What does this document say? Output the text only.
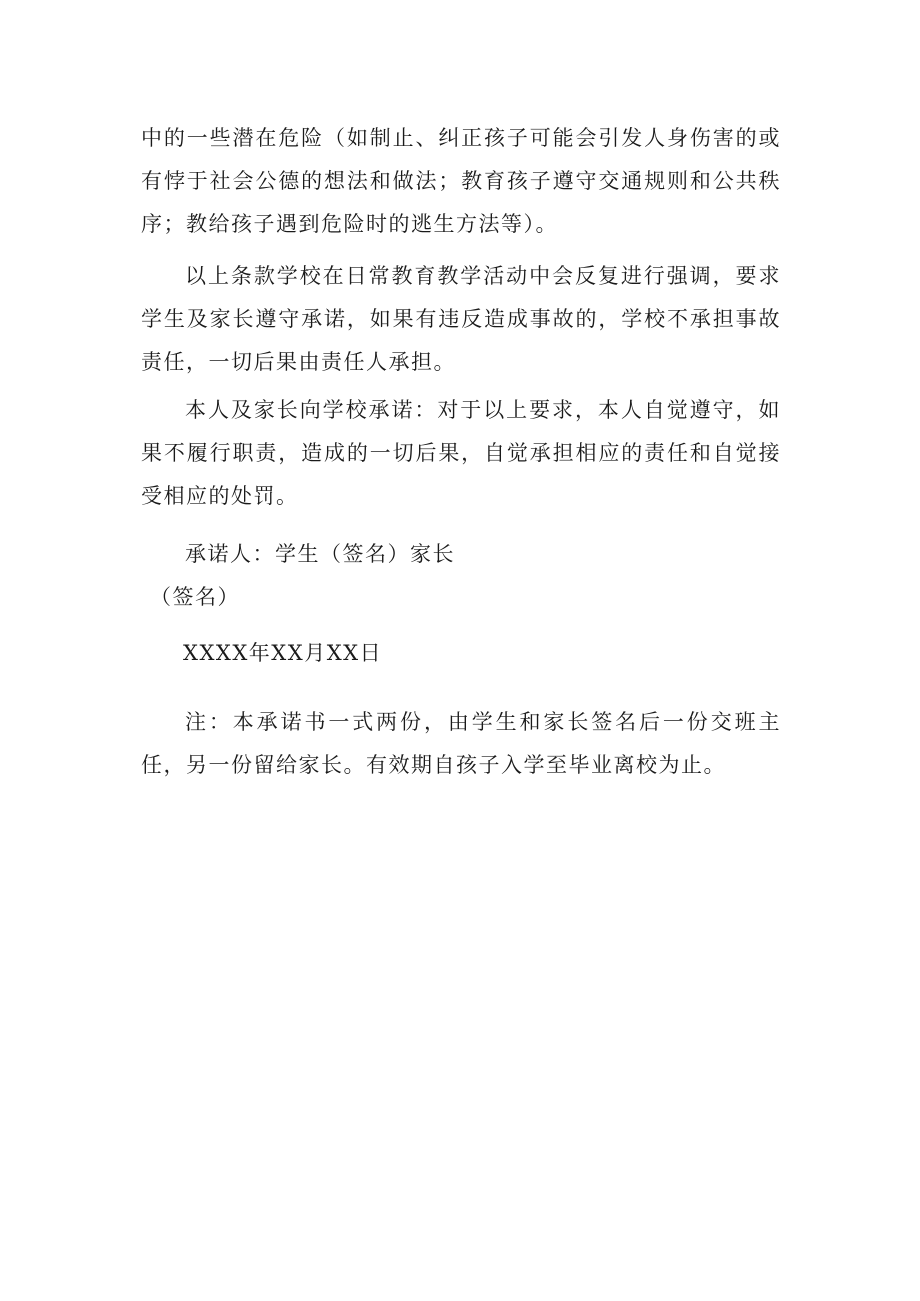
中的一些潜在危险（如制止、纠正孩子可能会引发人身伤害的或有悖于社会公德的想法和做法；教育孩子遵守交通规则和公共秩序；教给孩子遇到危险时的逃生方法等）。

以上条款学校在日常教育教学活动中会反复进行强调，要求学生及家长遵守承诺，如果有违反造成事故的，学校不承担事故责任，一切后果由责任人承担。

本人及家长向学校承诺：对于以上要求，本人自觉遵守，如果不履行职责，造成的一切后果，自觉承担相应的责任和自觉接受相应的处罚。

承诺人：学生（签名）家长

（签名）

XXXX年XX月XX日

注：本承诺书一式两份，由学生和家长签名后一份交班主任，另一份留给家长。有效期自孩子入学至毕业离校为止。
